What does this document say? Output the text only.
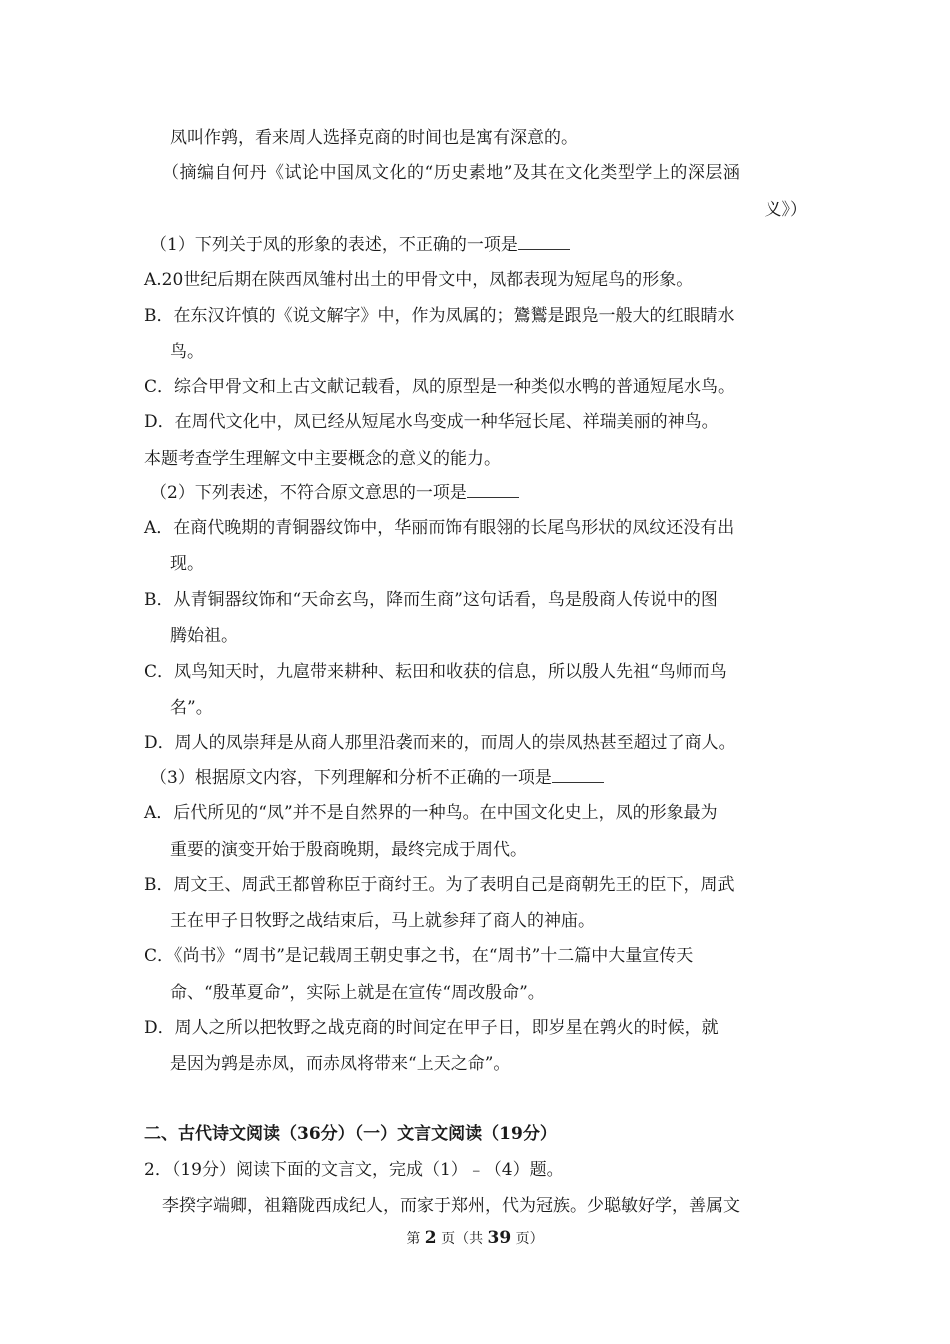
凤叫作鹑，看来周人选择克商的时间也是寓有深意的。
（摘编自何丹《试论中国凤文化的“历史素地”及其在文化类型学上的深层涵
义》）
（1）下列关于凤的形象的表述，不正确的一项是
A.20世纪后期在陕西凤雏村出土的甲骨文中，凤都表现为短尾鸟的形象。
B．在东汉许慎的《说文解字》中，作为凤属的；鷟鸑是跟凫一般大的红眼睛水
鸟。
C．综合甲骨文和上古文献记载看，凤的原型是一种类似水鸭的普通短尾水鸟。
D．在周代文化中，凤已经从短尾水鸟变成一种华冠长尾、祥瑞美丽的神鸟。
本题考查学生理解文中主要概念的意义的能力。
（2）下列表述，不符合原文意思的一项是
A．在商代晚期的青铜器纹饰中，华丽而饰有眼翎的长尾鸟形状的凤纹还没有出
现。
B．从青铜器纹饰和“天命玄鸟，降而生商”这句话看，鸟是殷商人传说中的图
腾始祖。
C．凤鸟知天时，九扈带来耕种、耘田和收获的信息，所以殷人先祖“鸟师而鸟
名”。
D．周人的凤崇拜是从商人那里沿袭而来的，而周人的崇凤热甚至超过了商人。
（3）根据原文内容，下列理解和分析不正确的一项是
A．后代所见的“凤”并不是自然界的一种鸟。在中国文化史上，凤的形象最为
重要的演变开始于殷商晚期，最终完成于周代。
B．周文王、周武王都曾称臣于商纣王。为了表明自己是商朝先王的臣下，周武
王在甲子日牧野之战结束后，马上就参拜了商人的神庙。
C．《尚书》“周书”是记载周王朝史事之书，在“周书”十二篇中大量宣传天
命、“殷革夏命”，实际上就是在宣传“周改殷命”。
D．周人之所以把牧野之战克商的时间定在甲子日，即岁星在鹑火的时候，就
是因为鹑是赤凤，而赤凤将带来“上天之命”。
二、古代诗文阅读（36分）（一）文言文阅读（19分）
2．（19分）阅读下面的文言文，完成（1）﹣（4）题。
李揆字端卿，祖籍陇西成纪人，而家于郑州，代为冠族。少聪敏好学，善属文
第 2 页（共 39 页）
